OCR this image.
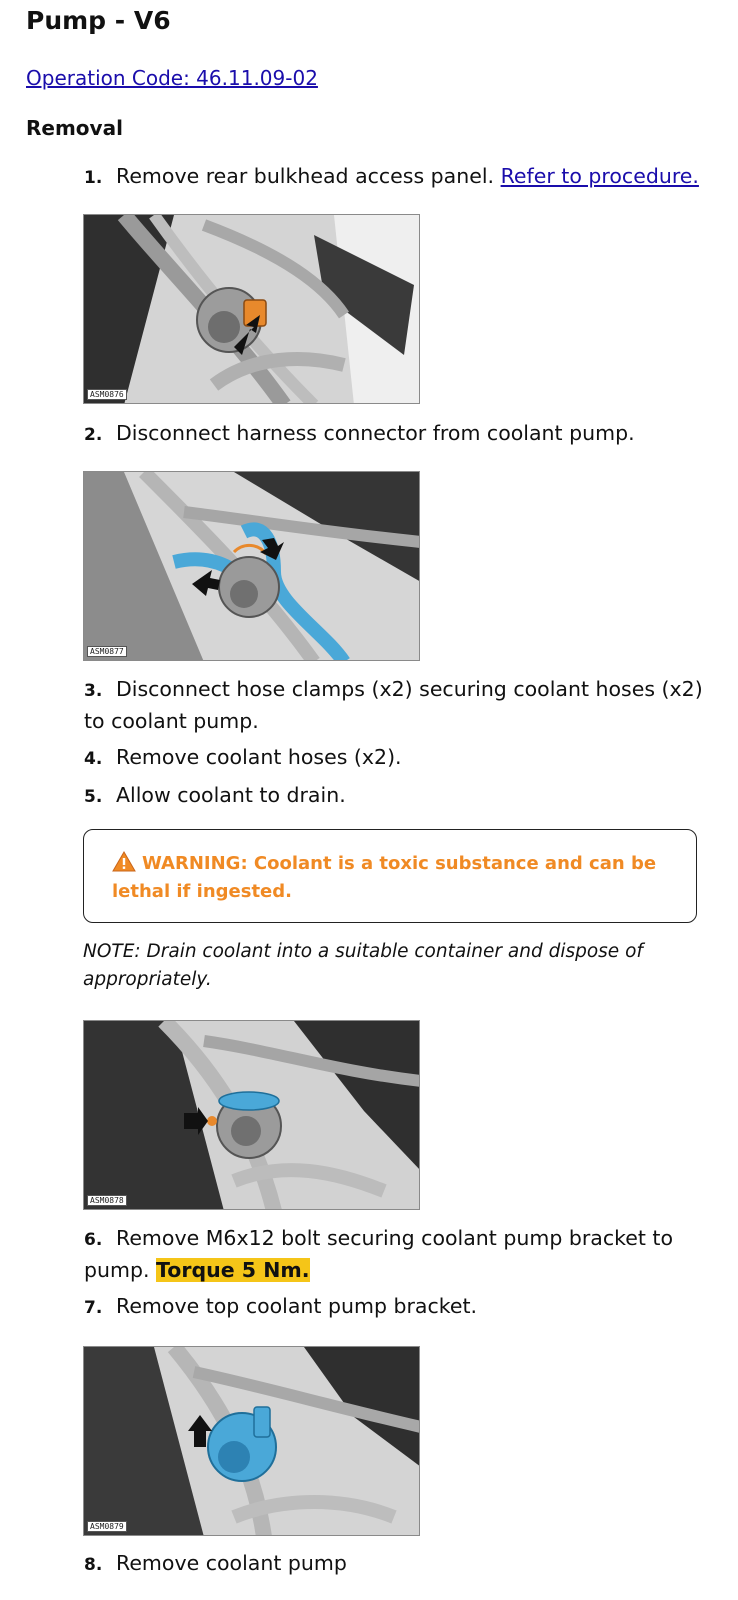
Pump - V6
Operation Code: 46.11.09-02
Removal
1. Remove rear bulkhead access panel. Refer to procedure.
ASM0876
2. Disconnect harness connector from coolant pump.
ASM0877
3. Disconnect hose clamps (x2) securing coolant hoses (x2) to coolant pump.
4. Remove coolant hoses (x2).
5. Allow coolant to drain.
WARNING: Coolant is a toxic substance and can be lethal if ingested.
NOTE: Drain coolant into a suitable container and dispose of appropriately.
ASM0878
6. Remove M6x12 bolt securing coolant pump bracket to pump. Torque 5 Nm.
7. Remove top coolant pump bracket.
ASM0879
8. Remove coolant pump
